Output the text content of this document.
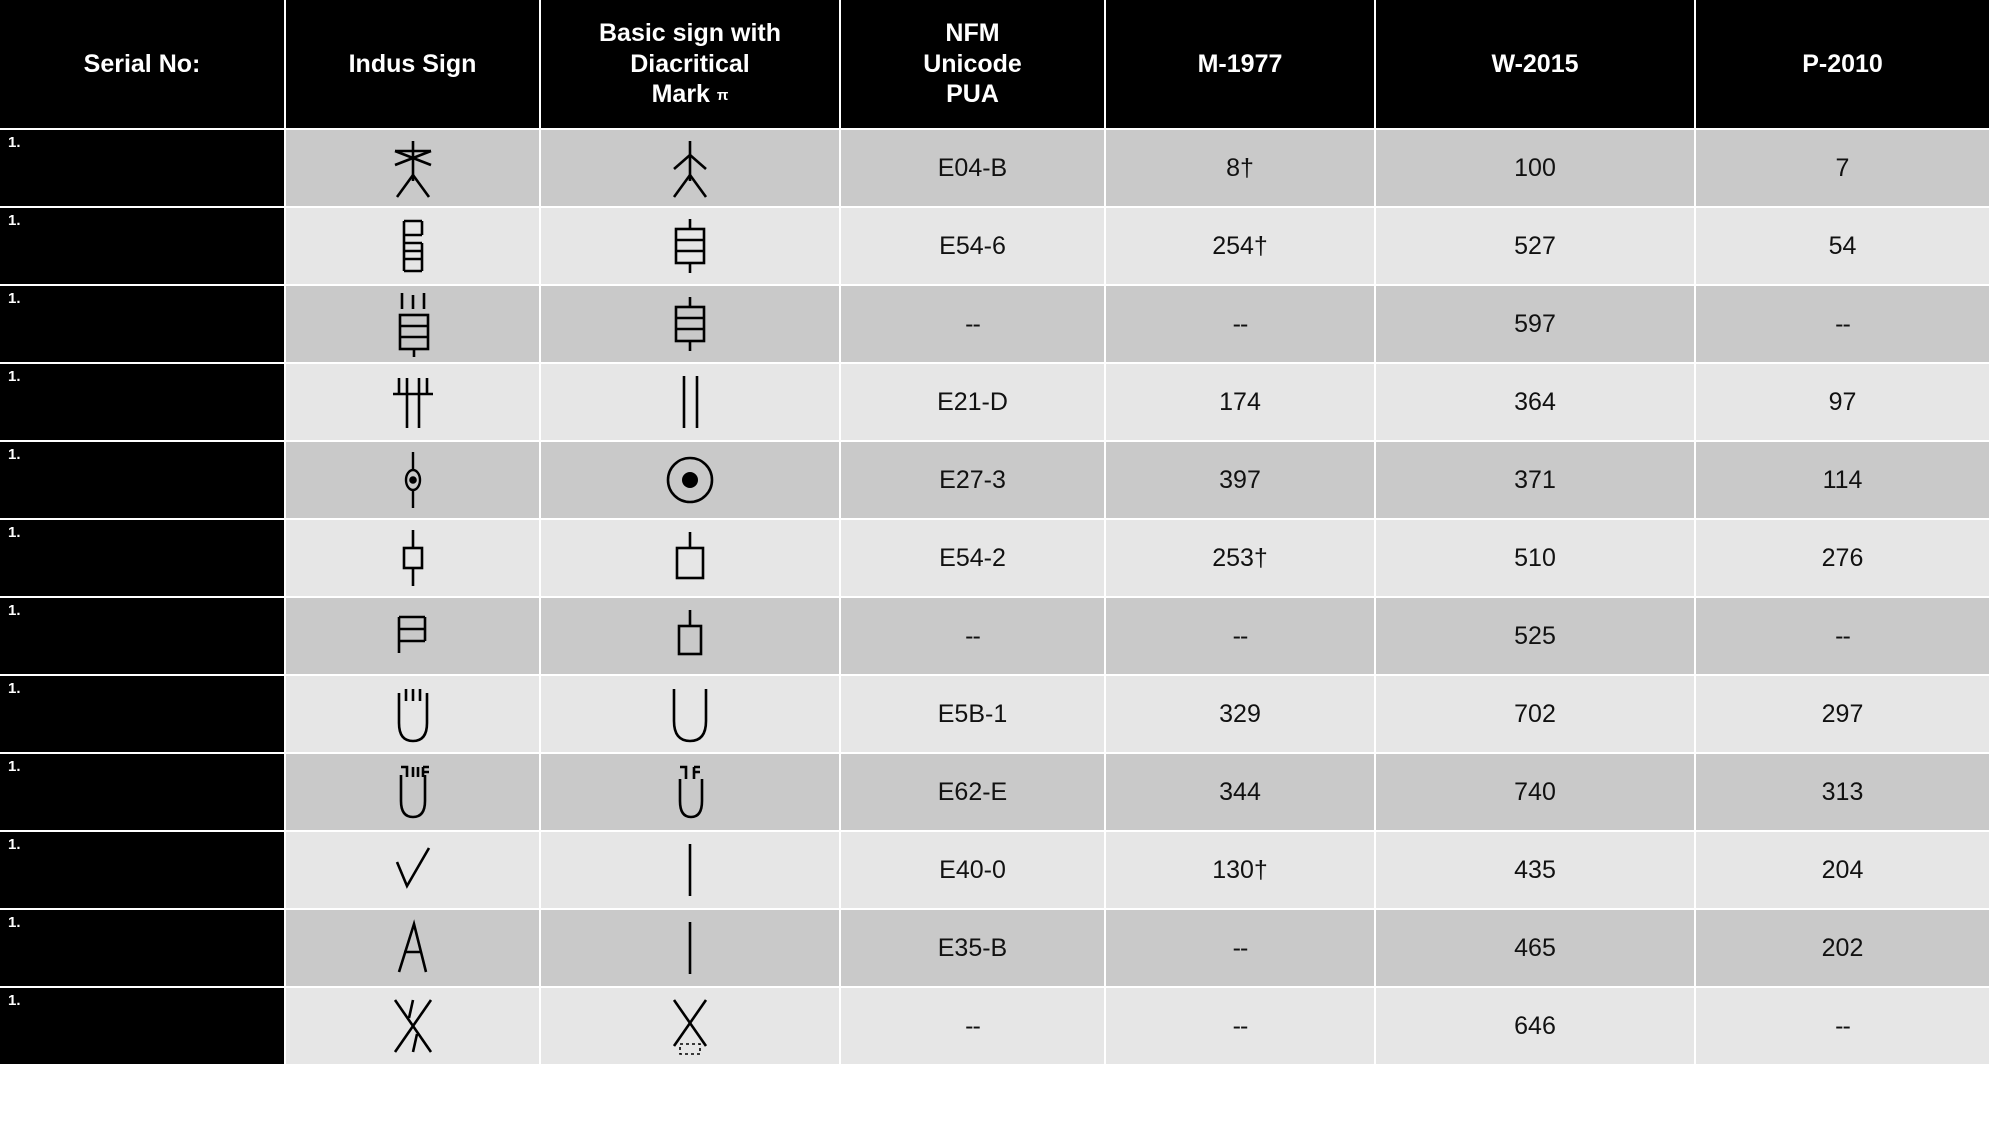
Serial No:	Indus Sign	Basic sign with
Diacritical
Mark π	NFM
Unicode
PUA	M-1977	W-2015	P-2010
1.			E04-B	8†	100	7
1.			E54-6	254†	527	54
1.			--	--	597	--
1.			E21-D	174	364	97
1.			E27-3	397	371	114
1.			E54-2	253†	510	276
1.			--	--	525	--
1.			E5B-1	329	702	297
1.			E62-E	344	740	313
1.			E40-0	130†	435	204
1.			E35-B	--	465	202
1.			--	--	646	--
